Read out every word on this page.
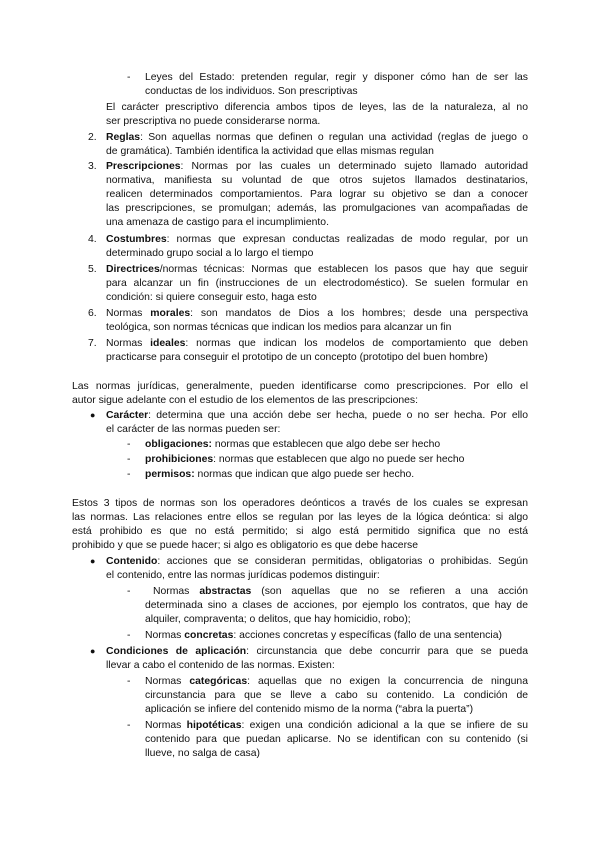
- Leyes del Estado: pretenden regular, regir y disponer cómo han de ser las
conductas de los individuos. Son prescriptivas
El carácter prescriptivo diferencia ambos tipos de leyes, las de la naturaleza, al no
ser prescriptiva no puede considerarse norma.
2. Reglas: Son aquellas normas que definen o regulan una actividad (reglas de juego o
de gramática). También identifica la actividad que ellas mismas regulan
3. Prescripciones: Normas por las cuales un determinado sujeto llamado autoridad
normativa, manifiesta su voluntad de que otros sujetos llamados destinatarios,
realicen determinados comportamientos. Para lograr su objetivo se dan a conocer
las prescripciones, se promulgan; además, las promulgaciones van acompañadas de
una amenaza de castigo para el incumplimiento.
4. Costumbres: normas que expresan conductas realizadas de modo regular, por un
determinado grupo social a lo largo el tiempo
5. Directrices/normas técnicas: Normas que establecen los pasos que hay que seguir
para alcanzar un fin (instrucciones de un electrodoméstico). Se suelen formular en
condición: si quiere conseguir esto, haga esto
6. Normas morales: son mandatos de Dios a los hombres; desde una perspectiva
teológica, son normas técnicas que indican los medios para alcanzar un fin
7. Normas ideales: normas que indican los modelos de comportamiento que deben
practicarse para conseguir el prototipo de un concepto (prototipo del buen hombre)
Las normas jurídicas, generalmente, pueden identificarse como prescripciones. Por ello el
autor sigue adelante con el estudio de los elementos de las prescripciones:
● Carácter: determina que una acción debe ser hecha, puede o no ser hecha. Por ello
el carácter de las normas pueden ser:
- obligaciones: normas que establecen que algo debe ser hecho
- prohibiciones: normas que establecen que algo no puede ser hecho
- permisos: normas que indican que algo puede ser hecho.
Estos 3 tipos de normas son los operadores deónticos a través de los cuales se expresan
las normas. Las relaciones entre ellos se regulan por las leyes de la lógica deóntica: si algo
está prohibido es que no está permitido; si algo está permitido significa que no está
prohibido y que se puede hacer; si algo es obligatorio es que debe hacerse
● Contenido: acciones que se consideran permitidas, obligatorias o prohibidas. Según
el contenido, entre las normas jurídicas podemos distinguir:
- Normas abstractas (son aquellas que no se refieren a una acción
determinada sino a clases de acciones, por ejemplo los contratos, que hay de
alquiler, compraventa; o delitos, que hay homicidio, robo);
- Normas concretas: acciones concretas y específicas (fallo de una sentencia)
● Condiciones de aplicación: circunstancia que debe concurrir para que se pueda
llevar a cabo el contenido de las normas. Existen:
- Normas categóricas: aquellas que no exigen la concurrencia de ninguna
circunstancia para que se lleve a cabo su contenido. La condición de
aplicación se infiere del contenido mismo de la norma (“abra la puerta”)
- Normas hipotéticas: exigen una condición adicional a la que se infiere de su
contenido para que puedan aplicarse. No se identifican con su contenido (si
llueve, no salga de casa)
